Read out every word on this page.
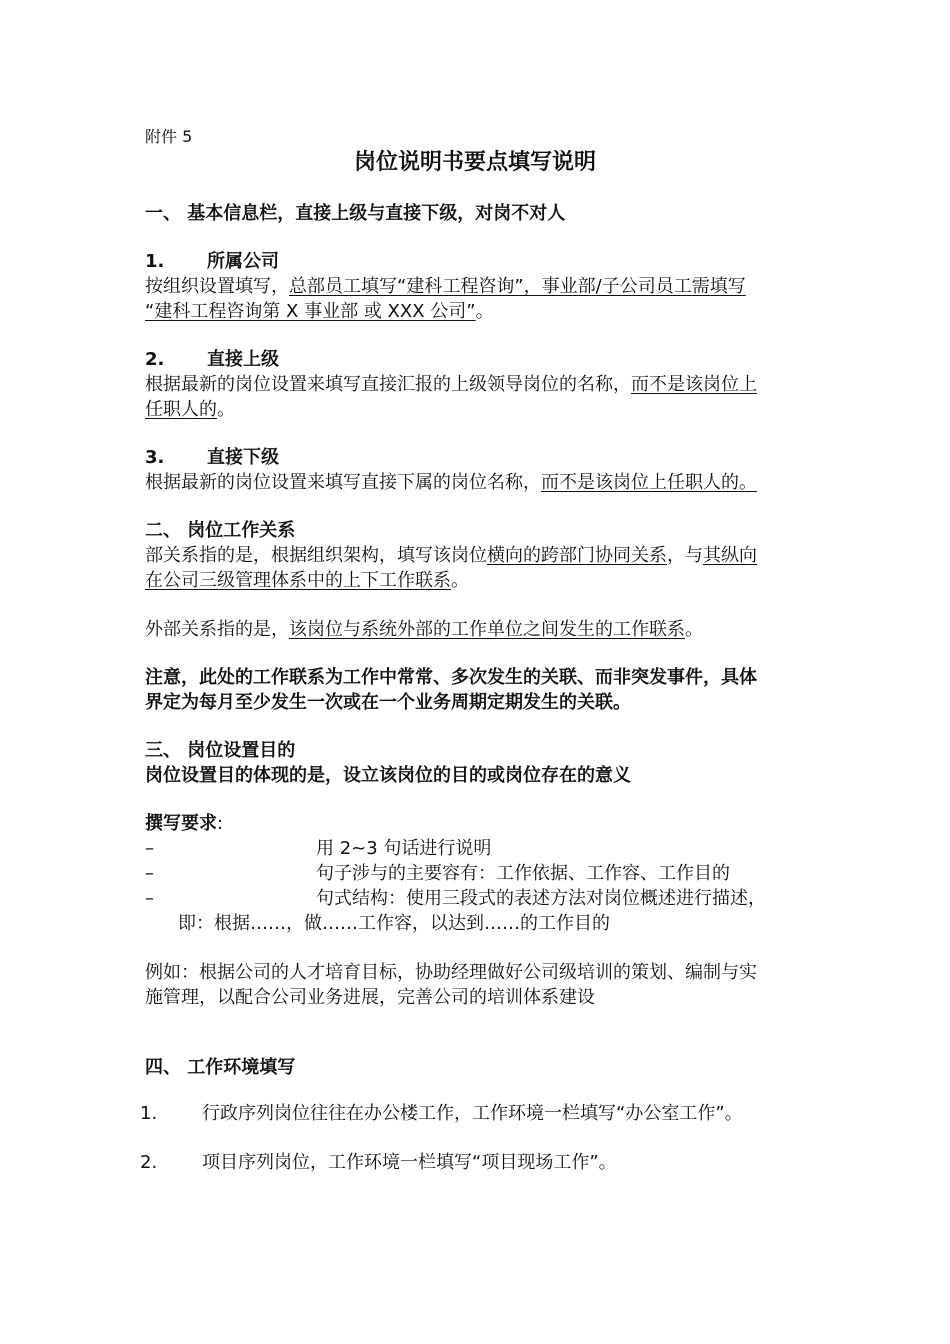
附件 5
岗位说明书要点填写说明
一、 基本信息栏，直接上级与直接下级，对岗不对人
1. 所属公司
按组织设置填写，总部员工填写“建科工程咨询”，事业部/子公司员工需填写
“建科工程咨询第 X 事业部 或 XXX 公司”。
2. 直接上级
根据最新的岗位设置来填写直接汇报的上级领导岗位的名称，而不是该岗位上
任职人的。
3. 直接下级
根据最新的岗位设置来填写直接下属的岗位名称，而不是该岗位上任职人的。
二、 岗位工作关系
部关系指的是，根据组织架构，填写该岗位横向的跨部门协同关系，与其纵向
在公司三级管理体系中的上下工作联系。
外部关系指的是，该岗位与系统外部的工作单位之间发生的工作联系。
注意，此处的工作联系为工作中常常、多次发生的关联、而非突发事件，具体
界定为每月至少发生一次或在一个业务周期定期发生的关联。
三、 岗位设置目的
岗位设置目的体现的是，设立该岗位的目的或岗位存在的意义
撰写要求:
–	用 2~3 句话进行说明
–	句子涉与的主要容有：工作依据、工作容、工作目的
–	句式结构：使用三段式的表述方法对岗位概述进行描述，
即：根据……，做……工作容，以达到……的工作目的
例如：根据公司的人才培育目标，协助经理做好公司级培训的策划、编制与实
施管理，以配合公司业务进展，完善公司的培训体系建设
四、 工作环境填写
1. 行政序列岗位往往在办公楼工作，工作环境一栏填写“办公室工作”。
2. 项目序列岗位，工作环境一栏填写“项目现场工作”。
